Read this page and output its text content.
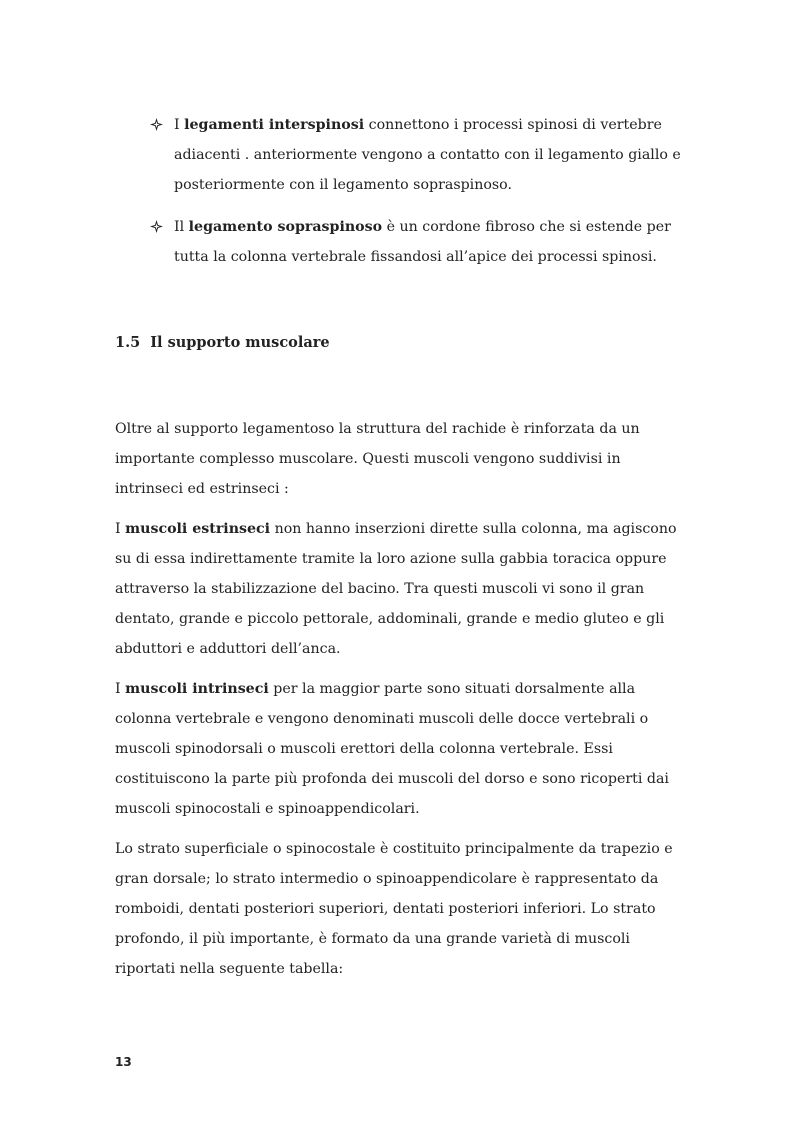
I legamenti interspinosi connettono i processi spinosi di vertebre adiacenti . anteriormente vengono a contatto con il legamento giallo e posteriormente con il legamento sopraspinoso.
Il legamento sopraspinoso è un cordone fibroso che si estende per tutta la colonna vertebrale fissandosi all’apice dei processi spinosi.
1.5 Il supporto muscolare

Oltre al supporto legamentoso la struttura del rachide è rinforzata da un importante complesso muscolare. Questi muscoli vengono suddivisi in intrinseci ed estrinseci :

I muscoli estrinseci non hanno inserzioni dirette sulla colonna, ma agiscono su di essa indirettamente tramite la loro azione sulla gabbia toracica oppure attraverso la stabilizzazione del bacino. Tra questi muscoli vi sono il gran dentato, grande e piccolo pettorale, addominali, grande e medio gluteo e gli abduttori e adduttori dell’anca.

I muscoli intrinseci per la maggior parte sono situati dorsalmente alla colonna vertebrale e vengono denominati muscoli delle docce vertebrali o muscoli spinodorsali o muscoli erettori della colonna vertebrale. Essi costituiscono la parte più profonda dei muscoli del dorso e sono ricoperti dai muscoli spinocostali e spinoappendicolari.

Lo strato superficiale o spinocostale è costituito principalmente da trapezio e gran dorsale; lo strato intermedio o spinoappendicolare è rappresentato da romboidi, dentati posteriori superiori, dentati posteriori inferiori. Lo strato profondo, il più importante, è formato da una grande varietà di muscoli riportati nella seguente tabella:

13
